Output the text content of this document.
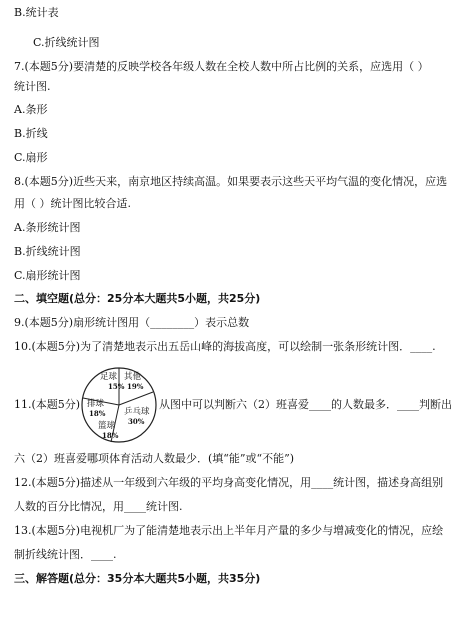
B.统计表
C.折线统计图
7.(本题5分)要清楚的反映学校各年级人数在全校人数中所占比例的关系，应选用（ ）
统计图.
A.条形
B.折线
C.扇形
8.(本题5分)近些天来，南京地区持续高温。如果要表示这些天平均气温的变化情况，应选
用（ ）统计图比较合适.
A.条形统计图
B.折线统计图
C.扇形统计图
二、填空题(总分：25分本大题共5小题，共25分)
9.(本题5分)扇形统计图用（________）表示总数
10.(本题5分)为了清楚地表示出五岳山峰的海拔高度，可以绘制一张条形统计图．____.
11.(本题5分)
足球
15%
其他
19%
乒乓球
30%
篮球
18%
排球
18%
从图中可以判断六（2）班喜爱____的人数最多．____判断出
六（2）班喜爱哪项体育活动人数最少．(填“能”或“不能”)
12.(本题5分)描述从一年级到六年级的平均身高变化情况，用____统计图，描述身高组别
人数的百分比情况，用____统计图.
13.(本题5分)电视机厂为了能清楚地表示出上半年月产量的多少与增减变化的情况，应绘
制折线统计图．____.
三、解答题(总分：35分本大题共5小题，共35分)
